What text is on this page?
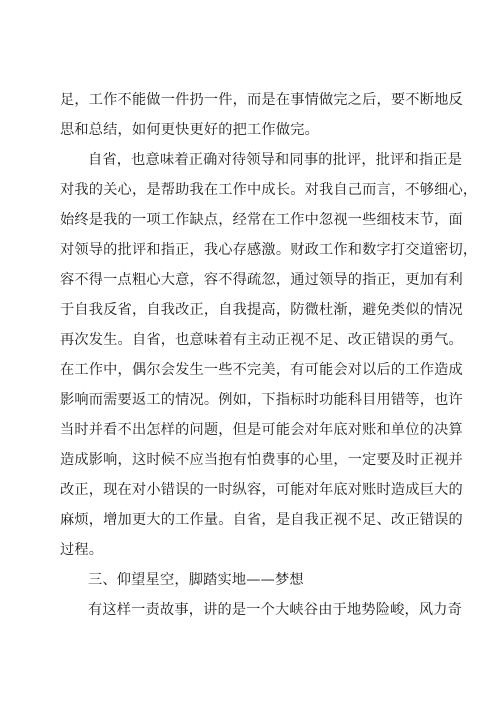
足，工作不能做一件扔一件，而是在事情做完之后，要不断地反
思和总结，如何更快更好的把工作做完。
自省，也意味着正确对待领导和同事的批评，批评和指正是
对我的关心，是帮助我在工作中成长。对我自己而言，不够细心，
始终是我的一项工作缺点，经常在工作中忽视一些细枝末节，面
对领导的批评和指正，我心存感激。财政工作和数字打交道密切，
容不得一点粗心大意，容不得疏忽，通过领导的指正，更加有利
于自我反省，自我改正，自我提高，防微杜渐，避免类似的情况
再次发生。自省，也意味着有主动正视不足、改正错误的勇气。
在工作中，偶尔会发生一些不完美，有可能会对以后的工作造成
影响而需要返工的情况。例如，下指标时功能科目用错等，也许
当时并看不出怎样的问题，但是可能会对年底对账和单位的决算
造成影响，这时候不应当抱有怕费事的心里，一定要及时正视并
改正，现在对小错误的一时纵容，可能对年底对账时造成巨大的
麻烦，增加更大的工作量。自省，是自我正视不足、改正错误的
过程。
三、仰望星空，脚踏实地——梦想
有这样一责故事，讲的是一个大峡谷由于地势险峻，风力奇
